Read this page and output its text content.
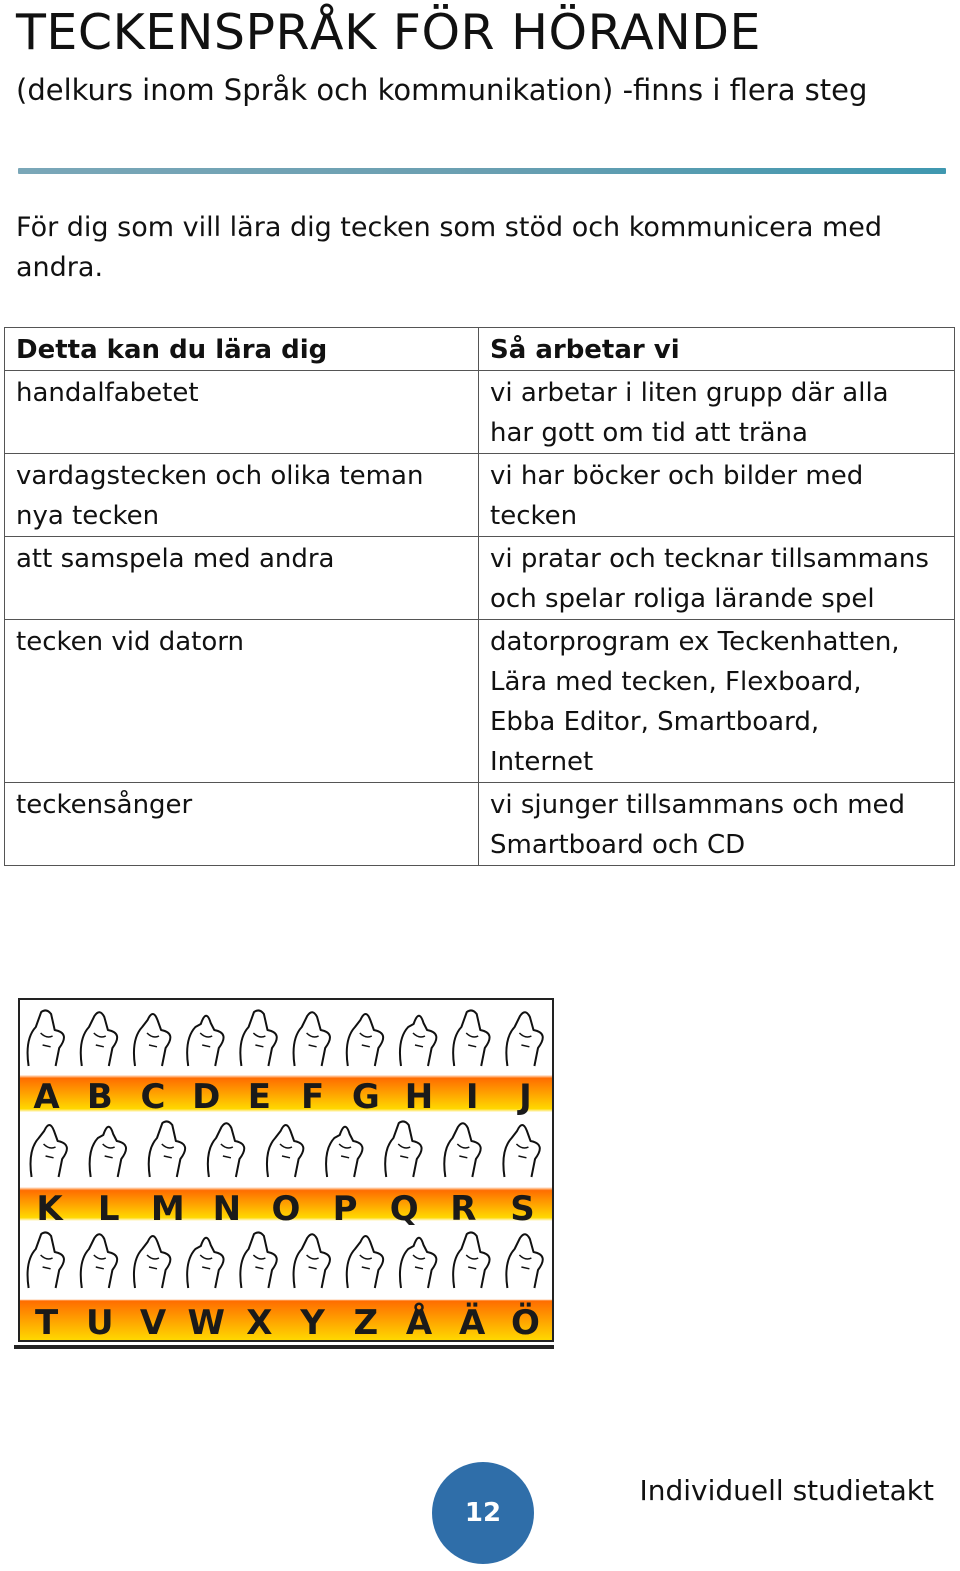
TECKENSPRÅK FÖR HÖRANDE
(delkurs inom Språk och kommunikation) -finns i flera steg
För dig som vill lära dig tecken som stöd och kommunicera med andra.
Detta kan du lära dig	Så arbetar vi

handalfabetet	vi arbetar i liten grupp där alla
har gott om tid att träna

vardagstecken och olika teman
nya tecken	vi har böcker och bilder med
tecken

att samspela med andra	vi pratar och tecknar tillsammans
och spelar roliga lärande spel

tecken vid datorn	datorprogram ex Teckenhatten,
Lära med tecken, Flexboard,
Ebba Editor, Smartboard,
Internet

teckensånger	vi sjunger tillsammans och med
Smartboard och CD
A B C D E F G H I J
K L M N O P Q R S
T U V W X Y Z Å Ä Ö
12
Individuell studietakt
